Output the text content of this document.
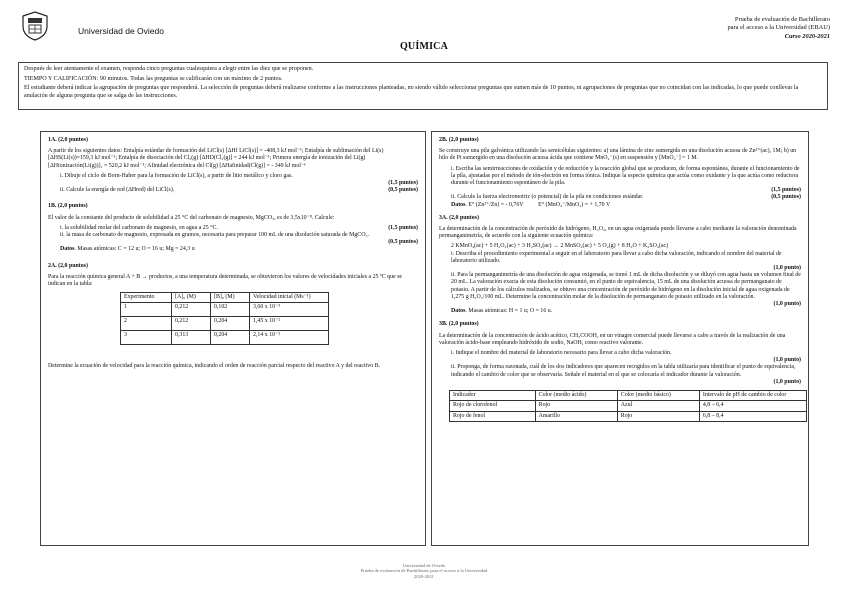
Universidad de Oviedo
QUÍMICA
Prueba de evaluación de Bachillerato
para el acceso a la Universidad (EBAU)
Curso 2020-2021

Después de leer atentamente el examen, responda cinco preguntas cualesquiera a elegir entre las diez que se proponen.

TIEMPO Y CALIFICACIÓN: 90 minutos. Todas las preguntas se calificarán con un máximo de 2 puntos.

El estudiante deberá indicar la agrupación de preguntas que responderá. La selección de preguntas deberá realizarse conforme a las instrucciones planteadas, no siendo válido seleccionar preguntas que sumen más de 10 puntos, ni agrupaciones de preguntas que no coincidan con las indicadas, lo que puede conllevar la anulación de alguna pregunta que se salga de las instrucciones.

1A. (2,0 puntos)
A partir de los siguientes datos: Entalpía estándar de formación del LiCl(s) [ΔHf LiCl(s)] = -408,3 kJ mol⁻¹; Entalpía de sublimación del Li(s) [ΔHS(Li(s))=159,3 kJ mol⁻¹; Entalpía de disociación del Cl₂(g) [ΔHD(Cl₂(g)] = 244 kJ mol⁻¹; Primera energía de ionización del Li(g) [ΔHionización(Li(g))]₁ = 520,2 kJ mol⁻¹; Afinidad electrónica del Cl(g) [ΔHafinidad(Cl(g)] = - 349 kJ mol⁻¹
i. Dibuje el ciclo de Born-Haber para la formación de LiCl(s), a partir de litio metálico y cloro gas.
(1,5 puntos)
ii. Calcule la energía de red (ΔHred) del LiCl(s).	(0,5 puntos)
1B. (2,0 puntos)
El valor de la constante del producto de solubilidad a 25 °C del carbonato de magnesio, MgCO₃, es de 3,5x10⁻⁸. Calcule:
i. la solubilidad molar del carbonato de magnesio, en agua a 25 °C.	(1,5 puntos)
ii. la masa de carbonato de magnesio, expresada en gramos, necesaria para preparar 100 mL de una disolución saturada de MgCO₃.
(0,5 puntos)
Datos. Masas atómicas: C = 12 u; O = 16 u; Mg = 24,3 u
2A. (2,0 puntos)
Para la reacción química general A + B → productos, a una temperatura determinada, se obtuvieron los valores de velocidades iniciales a 25 ºC que se indican en la tabla:
Experimento	[A]₀ (M)	[B]₀ (M)	Velocidad inicial (Ms⁻¹)
1	0,212	0,102	3,60 x 10⁻³
2	0,212	0,204	1,45 x 10⁻²
3	0,313	0,204	2,14 x 10⁻²
Determine la ecuación de velocidad para la reacción química, indicando el orden de reacción parcial respecto del reactivo A y del reactivo B.
2B. (2,0 puntos)
Se construye una pila galvánica utilizando las semicélulas siguientes: a) una lámina de zinc sumergida en una disolución acuosa de Zn²⁺(ac), 1M; b) un hilo de Pt sumergido en una disolución acuosa ácida que contiene MnO₄⁻(s) en suspensión y [MnO₄⁻] = 1 M.
i. Escriba las semirreacciones de oxidación y de reducción y la reacción global que se producen, de forma espontánea, durante el funcionamiento de la pila, ajustadas por el método de ión-electrón en forma iónica. Indique la especie química que actúa como oxidante y la que actúa como reductora durante el funcionamiento espontáneo de la pila.
(1,5 puntos)
ii. Calcule la fuerza electromotriz (o potencial) de la pila en condiciones estándar.	(0,5 puntos)
Datos. E° (Zn²⁺/Zn) = - 0,76V          E° (MnO₄⁻/MnO₂) = + 1,70 V
3A. (2,0 puntos)
La determinación de la concentración de peróxido de hidrógeno, H₂O₂, en un agua oxigenada puede llevarse a cabo mediante la valoración denominada permanganimetría, de acuerdo con la siguiente ecuación química:
2 KMnO₄(ac) + 5 H₂O₂(ac) + 3 H₂SO₄(ac) → 2 MnSO₄(ac) + 5 O₂(g) + 8 H₂O + K₂SO₄(ac)
i. Describa el procedimiento experimental a seguir en el laboratorio para llevar a cabo dicha valoración, indicando el nombre del material de laboratorio utilizado.
(1,0 punto)
ii. Para la permanganimetría de una disolución de agua oxigenada, se tomó 1 mL de dicha disolución y se diluyó con agua hasta un volumen final de 20 mL. La valoración exacta de esta disolución consumió, en el punto de equivalencia, 15 mL de una disolución acuosa de permanganato de potasio. A partir de los cálculos realizados, se obtuvo una concentración de peróxido de hidrógeno en la disolución inicial de agua oxigenada de 1,275 g H₂O₂/100 mL. Determine la concentración molar de la disolución de permanganato de potasio utilizado en la valoración.
(1,0 punto)
Datos. Masas atómicas: H = 1 u; O = 16 u.
3B. (2,0 puntos)
La determinación de la concentración de ácido acético, CH₃COOH, en un vinagre comercial puede llevarse a cabo a través de la realización de una valoración ácido-base empleando hidróxido de sodio, NaOH, como reactivo valorante.
i. Indique el nombre del material de laboratorio necesario para llevar a cabo dicha valoración.
(1,0 punto)
ii. Proponga, de forma razonada, cuál de los dos indicadores que aparecen recogidos en la tabla utilizaría para identificar el punto de equivalencia, indicando el cambio de color que se observaría. Señale el material en el que se colocaría el indicador durante la valoración.
(1,0 punto)
Indicador	Color (medio ácido)	Color (medio básico)	Intervalo de pH de cambio de color
Rojo de clorofenol	Rojo	Azul	4,8 – 6,4
Rojo de fenol	Amarillo	Rojo	6,8 – 8,4
Universidad de Oviedo
Prueba de evaluación de Bachillerato para el acceso a la Universidad
2020-2021
